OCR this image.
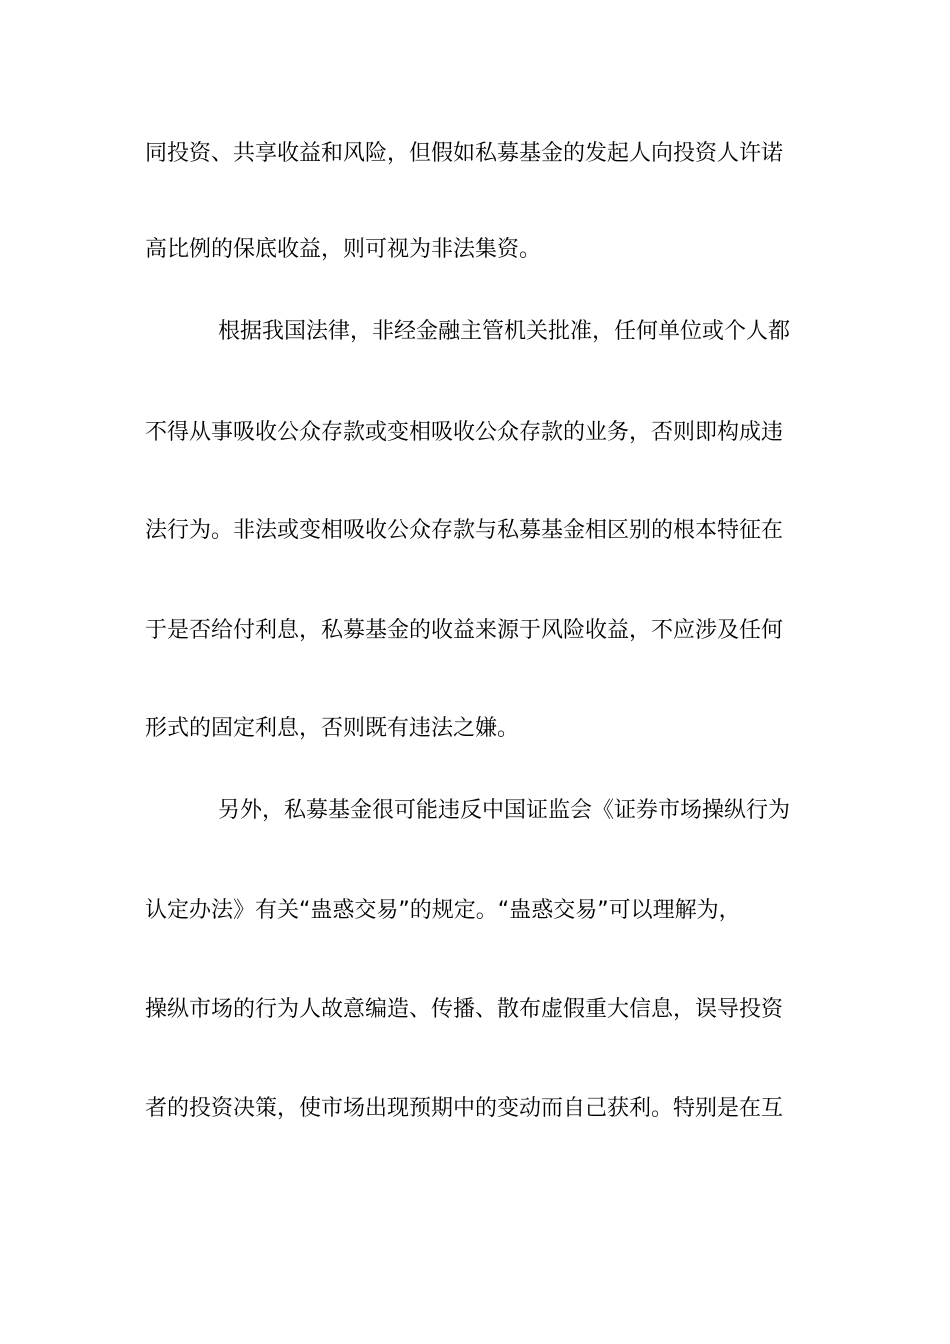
同投资、共享收益和风险，但假如私募基金的发起人向投资人许诺
高比例的保底收益，则可视为非法集资。
根据我国法律，非经金融主管机关批准，任何单位或个人都
不得从事吸收公众存款或变相吸收公众存款的业务，否则即构成违
法行为。非法或变相吸收公众存款与私募基金相区别的根本特征在
于是否给付利息，私募基金的收益来源于风险收益，不应涉及任何
形式的固定利息，否则既有违法之嫌。
另外，私募基金很可能违反中国证监会《证券市场操纵行为
认定办法》有关“蛊惑交易”的规定。“蛊惑交易”可以理解为，
操纵市场的行为人故意编造、传播、散布虚假重大信息，误导投资
者的投资决策，使市场出现预期中的变动而自己获利。特别是在互
